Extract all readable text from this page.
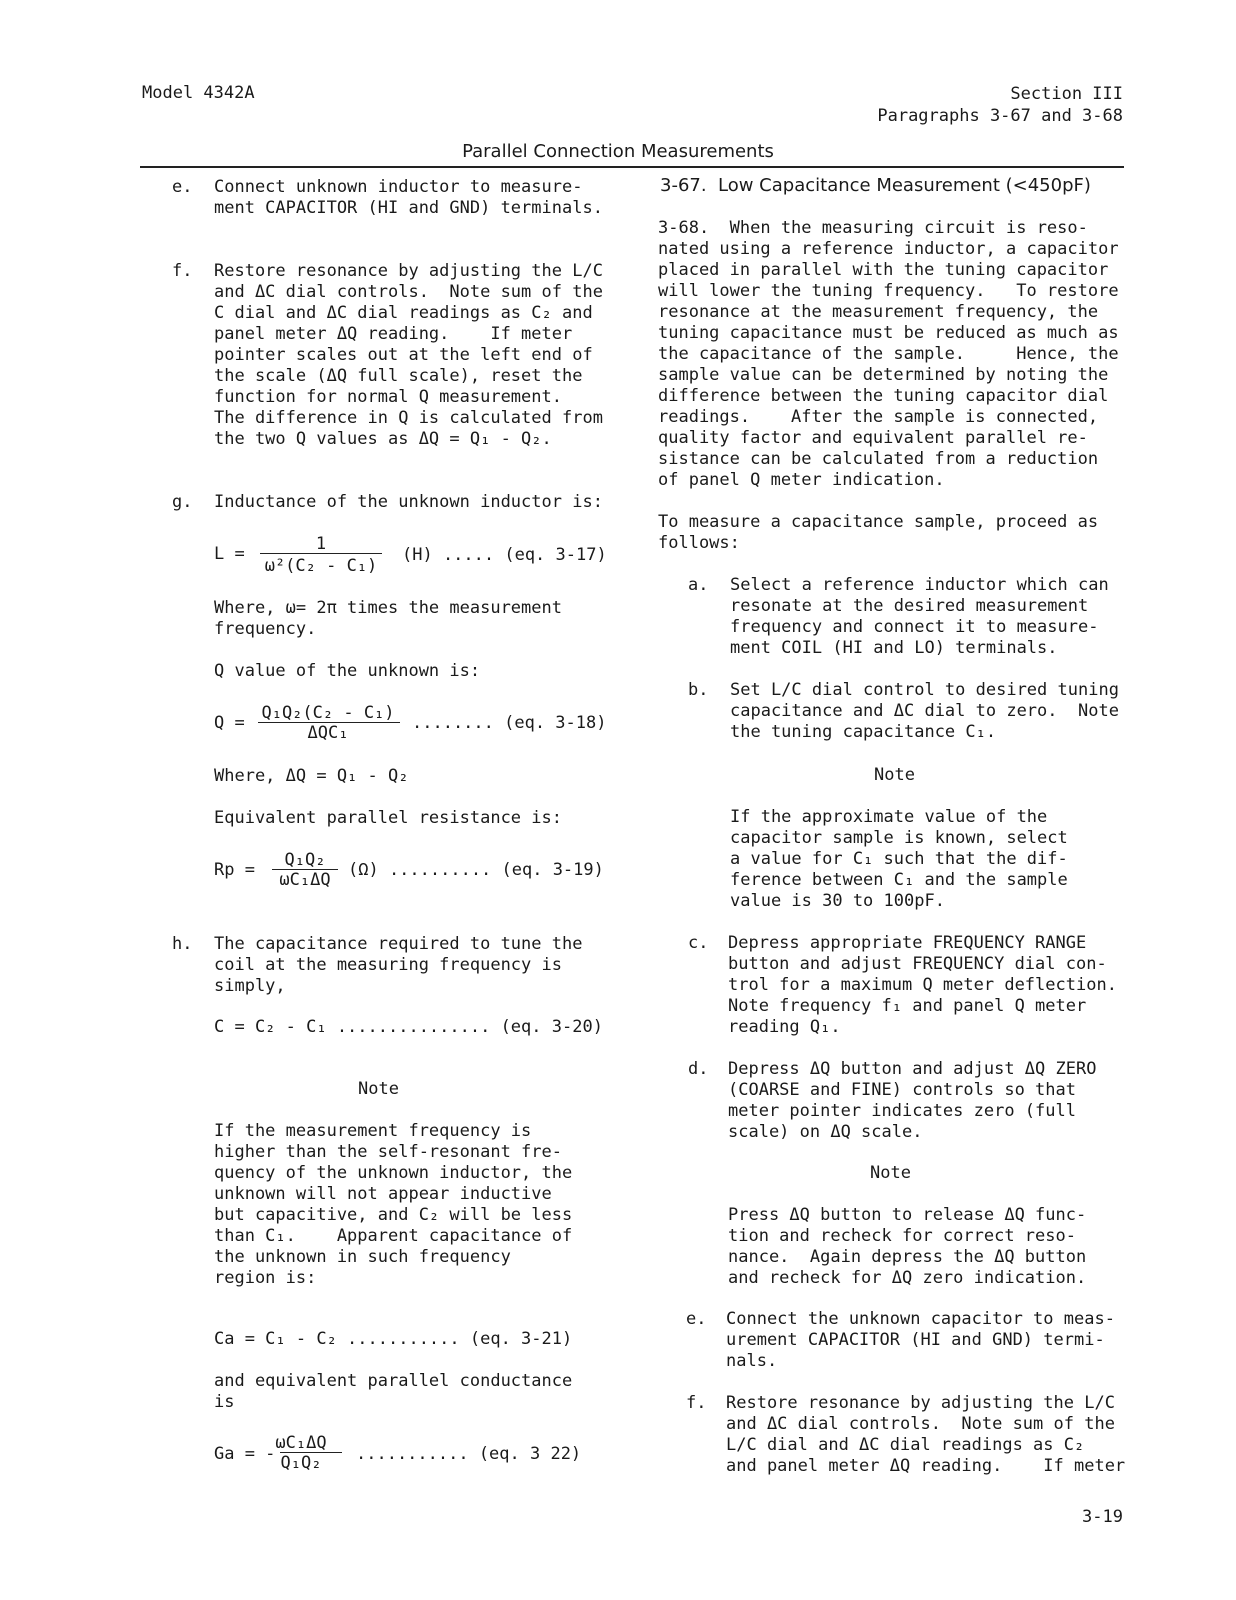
Model 4342A	Section III
Paragraphs 3-67 and 3-68
Parallel Connection Measurements
e. Connect unknown inductor to measure-
ment CAPACITOR (HI and GND) terminals.
f. Restore resonance by adjusting the L/C
and ΔC dial controls.  Note sum of the
C dial and ΔC dial readings as C₂ and
panel meter ΔQ reading.    If meter
pointer scales out at the left end of
the scale (ΔQ full scale), reset the
function for normal Q measurement.
The difference in Q is calculated from
the two Q values as ΔQ = Q₁ - Q₂.
g. Inductance of the unknown inductor is:
L =	1
ω²(C₂ - C₁)
(H) ..... (eq. 3-17)
Where, ω= 2π times the measurement
frequency.
Q value of the unknown is:
Q = Q₁Q₂(C₂ - C₁)
ΔQC₁	........ (eq. 3-18)
Where, ΔQ = Q₁ - Q₂
Equivalent parallel resistance is:
Rp =	Q₁Q₂
ωC₁ΔQ	(Ω) .......... (eq. 3-19)
h. The capacitance required to tune the
coil at the measuring frequency is
simply,
C = C₂ - C₁ ............... (eq. 3-20)
Note
If the measurement frequency is
higher than the self-resonant fre-
quency of the unknown inductor, the
unknown will not appear inductive
but capacitive, and C₂ will be less
than C₁.    Apparent capacitance of
the unknown in such frequency
region is:
Ca = C₁ - C₂ ........... (eq. 3-21)
and equivalent parallel conductance
is
Ga = -
ωC₁ΔQ
Q₁Q₂	........... (eq. 3 22)
3-67.  Low Capacitance Measurement (<450pF)
3-68.  When the measuring circuit is reso-
nated using a reference inductor, a capacitor
placed in parallel with the tuning capacitor
will lower the tuning frequency.   To restore
resonance at the measurement frequency, the
tuning capacitance must be reduced as much as
the capacitance of the sample.     Hence, the
sample value can be determined by noting the
difference between the tuning capacitor dial
readings.    After the sample is connected,
quality factor and equivalent parallel re-
sistance can be calculated from a reduction
of panel Q meter indication.
To measure a capacitance sample, proceed as
follows:
a. Select a reference inductor which can
resonate at the desired measurement
frequency and connect it to measure-
ment COIL (HI and LO) terminals.
b. Set L/C dial control to desired tuning
capacitance and ΔC dial to zero.  Note
the tuning capacitance C₁.
Note
If the approximate value of the
capacitor sample is known, select
a value for C₁ such that the dif-
ference between C₁ and the sample
value is 30 to 100pF.
c. Depress appropriate FREQUENCY RANGE
button and adjust FREQUENCY dial con-
trol for a maximum Q meter deflection.
Note frequency f₁ and panel Q meter
reading Q₁.
d. Depress ΔQ button and adjust ΔQ ZERO
(COARSE and FINE) controls so that
meter pointer indicates zero (full
scale) on ΔQ scale.
Note
Press ΔQ button to release ΔQ func-
tion and recheck for correct reso-
nance.  Again depress the ΔQ button
and recheck for ΔQ zero indication.
e. Connect the unknown capacitor to meas-
urement CAPACITOR (HI and GND) termi-
nals.
f. Restore resonance by adjusting the L/C
and ΔC dial controls.  Note sum of the
L/C dial and ΔC dial readings as C₂
and panel meter ΔQ reading.    If meter
3-19
